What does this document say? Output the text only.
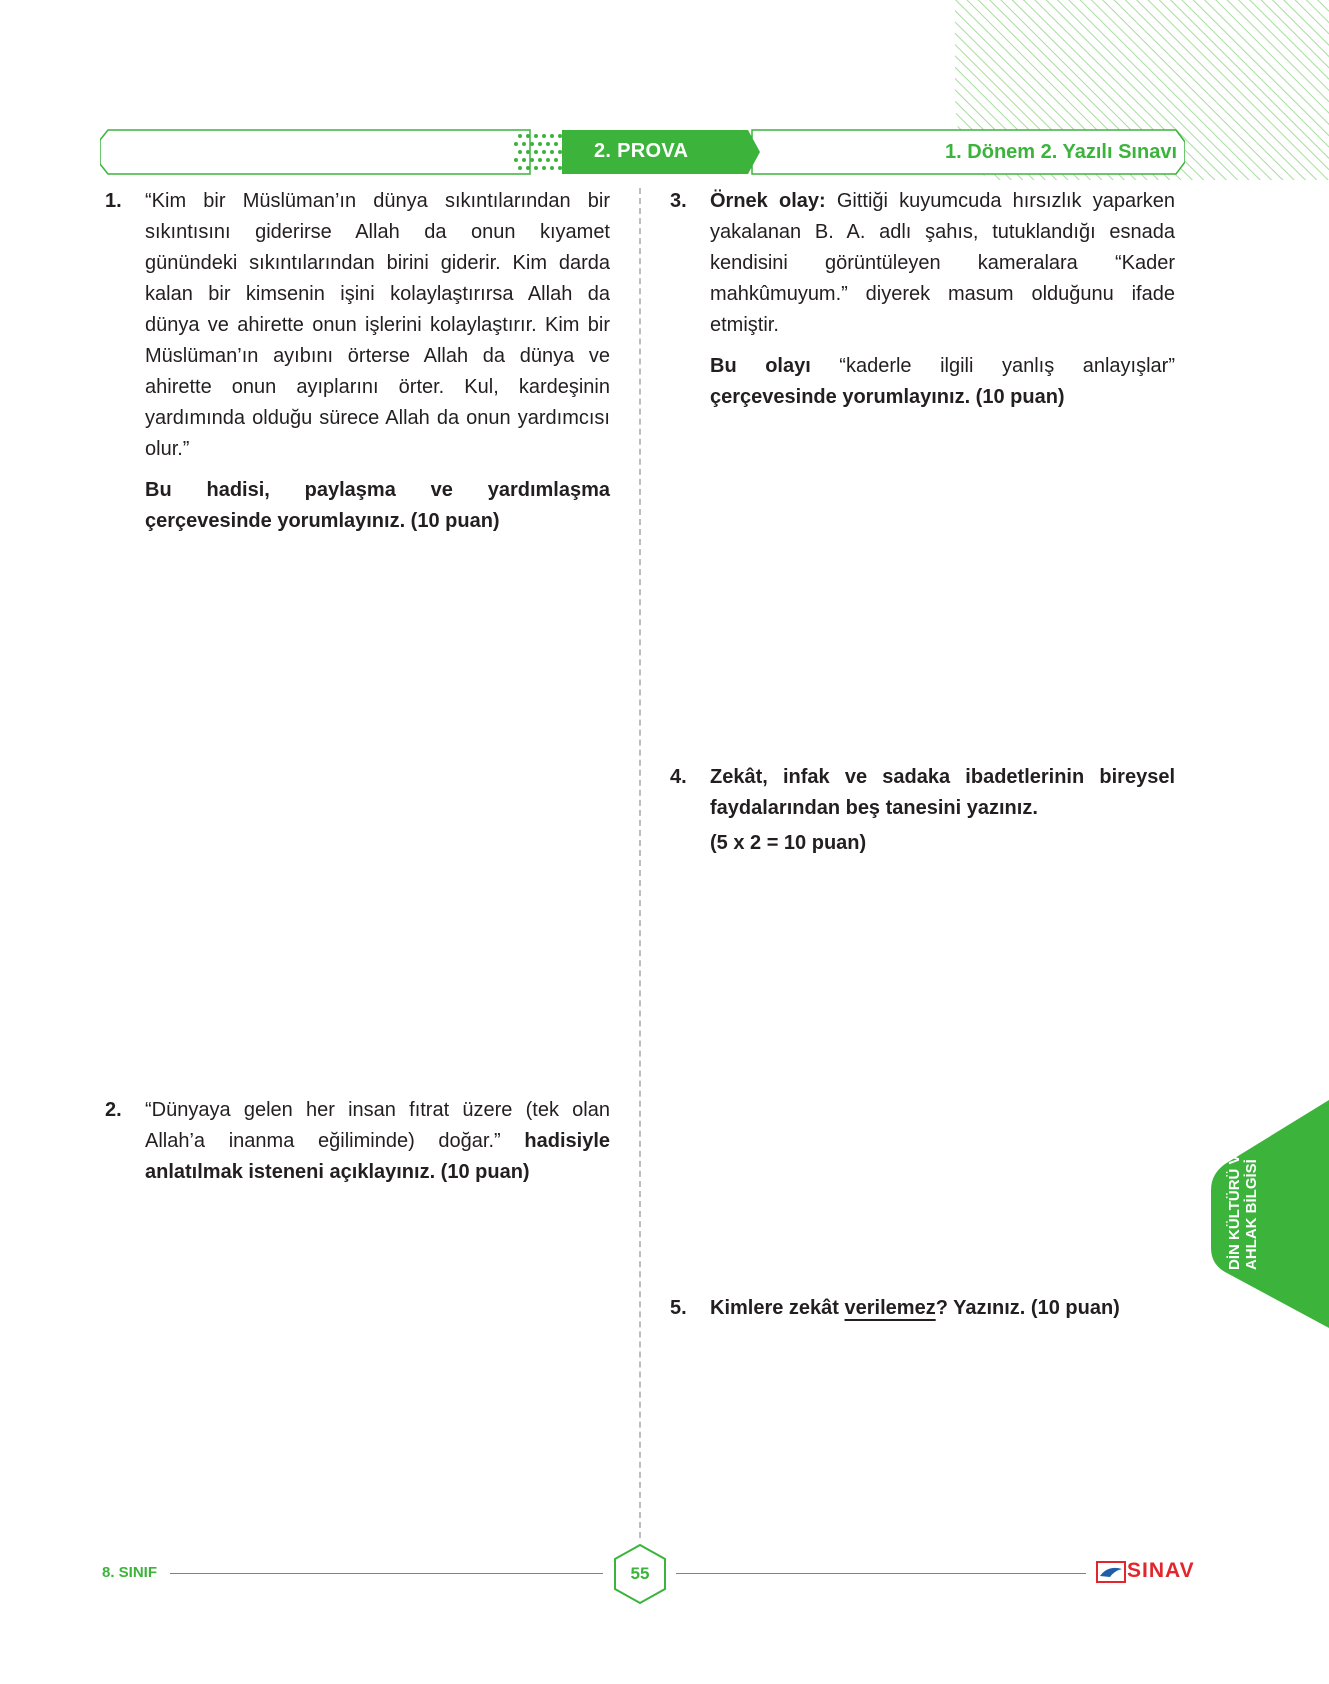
2. PROVA	1. Dönem 2. Yazılı Sınavı
1. “Kim bir Müslüman’ın dünya sıkıntılarından bir sıkıntısını giderirse Allah da onun kıyamet günündeki sıkıntılarından birini giderir. Kim darda kalan bir kimsenin işini kolaylaştırırsa Allah da dünya ve ahirette onun işlerini kolaylaştırır. Kim bir Müslüman’ın ayıbını örterse Allah da dünya ve ahirette onun ayıplarını örter. Kul, kardeşinin yardımında olduğu sürece Allah da onun yardımcısı olur.”

Bu hadisi, paylaşma ve yardımlaşma çerçevesinde yorumlayınız. (10 puan)

2. “Dünyaya gelen her insan fıtrat üzere (tek olan Allah’a inanma eğiliminde) doğar.” hadisiyle anlatılmak isteneni açıklayınız. (10 puan)

3. Örnek olay: Gittiği kuyumcuda hırsızlık yaparken yakalanan B. A. adlı şahıs, tutuklandığı esnada kendisini görüntüleyen kameralara “Kader mahkûmuyum.” diyerek masum olduğunu ifade etmiştir.

Bu olayı “kaderle ilgili yanlış anlayışlar” çerçevesinde yorumlayınız. (10 puan)

4. Zekât, infak ve sadaka ibadetlerinin bireysel faydalarından beş tanesini yazınız.

(5 x 2 = 10 puan)

5. Kimlere zekât verilemez? Yazınız. (10 puan)

DİN KÜLTÜRÜ VE AHLAK BİLGİSİ
8. SINIF	55	SINAV
